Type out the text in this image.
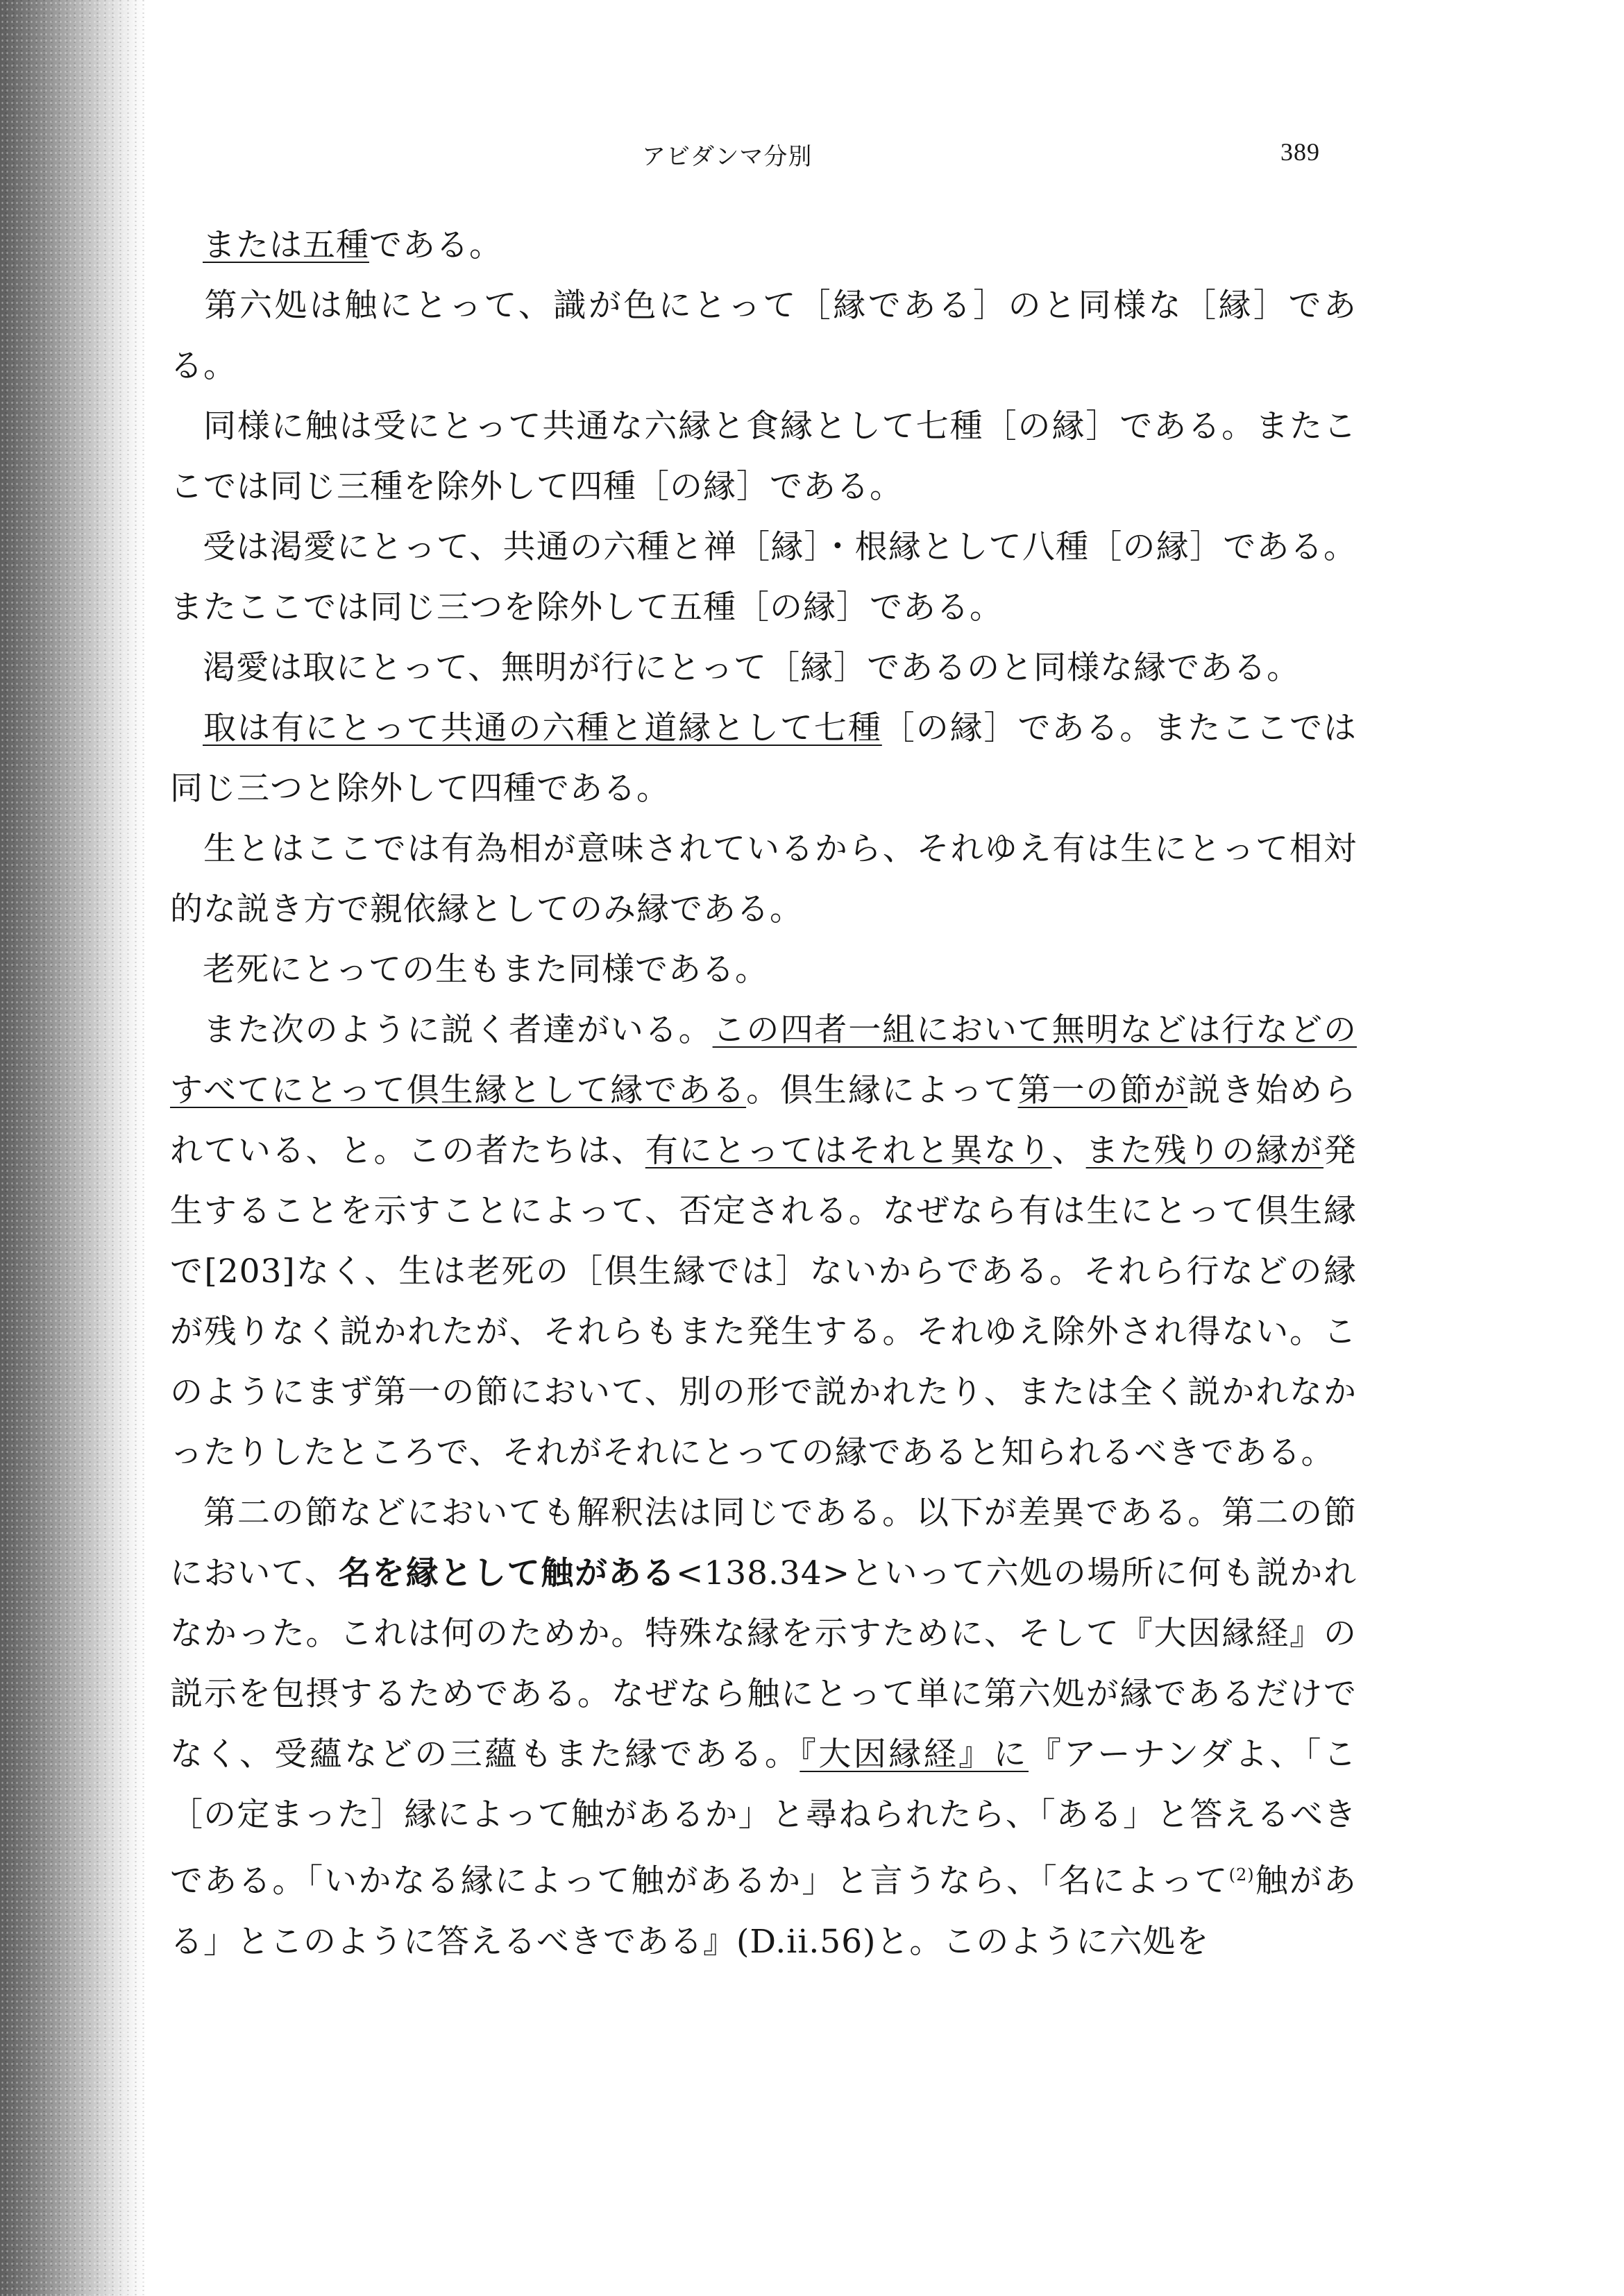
アビダンマ分別	389

または五種である。

第六処は触にとって、識が色にとって［縁である］のと同様な［縁］である。

同様に触は受にとって共通な六縁と食縁として七種［の縁］である。またここでは同じ三種を除外して四種［の縁］である。

受は渇愛にとって、共通の六種と禅［縁］・根縁として八種［の縁］である。またここでは同じ三つを除外して五種［の縁］である。

渇愛は取にとって、無明が行にとって［縁］であるのと同様な縁である。

取は有にとって共通の六種と道縁として七種［の縁］である。またここでは同じ三つと除外して四種である。

生とはここでは有為相が意味されているから、それゆえ有は生にとって相対的な説き方で親依縁としてのみ縁である。

老死にとっての生もまた同様である。

また次のように説く者達がいる。この四者一組において無明などは行などのすべてにとって倶生縁として縁である。倶生縁によって第一の節が説き始められている、と。この者たちは、有にとってはそれと異なり、また残りの縁が発生することを示すことによって、否定される。なぜなら有は生にとって倶生縁で[203]なく、生は老死の［倶生縁では］ないからである。それら行などの縁が残りなく説かれたが、それらもまた発生する。それゆえ除外され得ない。このようにまず第一の節において、別の形で説かれたり、または全く説かれなかったりしたところで、それがそれにとっての縁であると知られるべきである。

第二の節などにおいても解釈法は同じである。以下が差異である。第二の節において、名を縁として触がある<138.34>といって六処の場所に何も説かれなかった。これは何のためか。特殊な縁を示すために、そして『大因縁経』の説示を包摂するためである。なぜなら触にとって単に第六処が縁であるだけでなく、受蘊などの三蘊もまた縁である。『大因縁経』に『アーナンダよ、「こ［の定まった］縁によって触があるか」と尋ねられたら、「ある」と答えるべきである。「いかなる縁によって触があるか」と言うなら、「名によって$^{(2)}$触がある」とこのように答えるべきである』(D.ii.56)と。このように六処を
